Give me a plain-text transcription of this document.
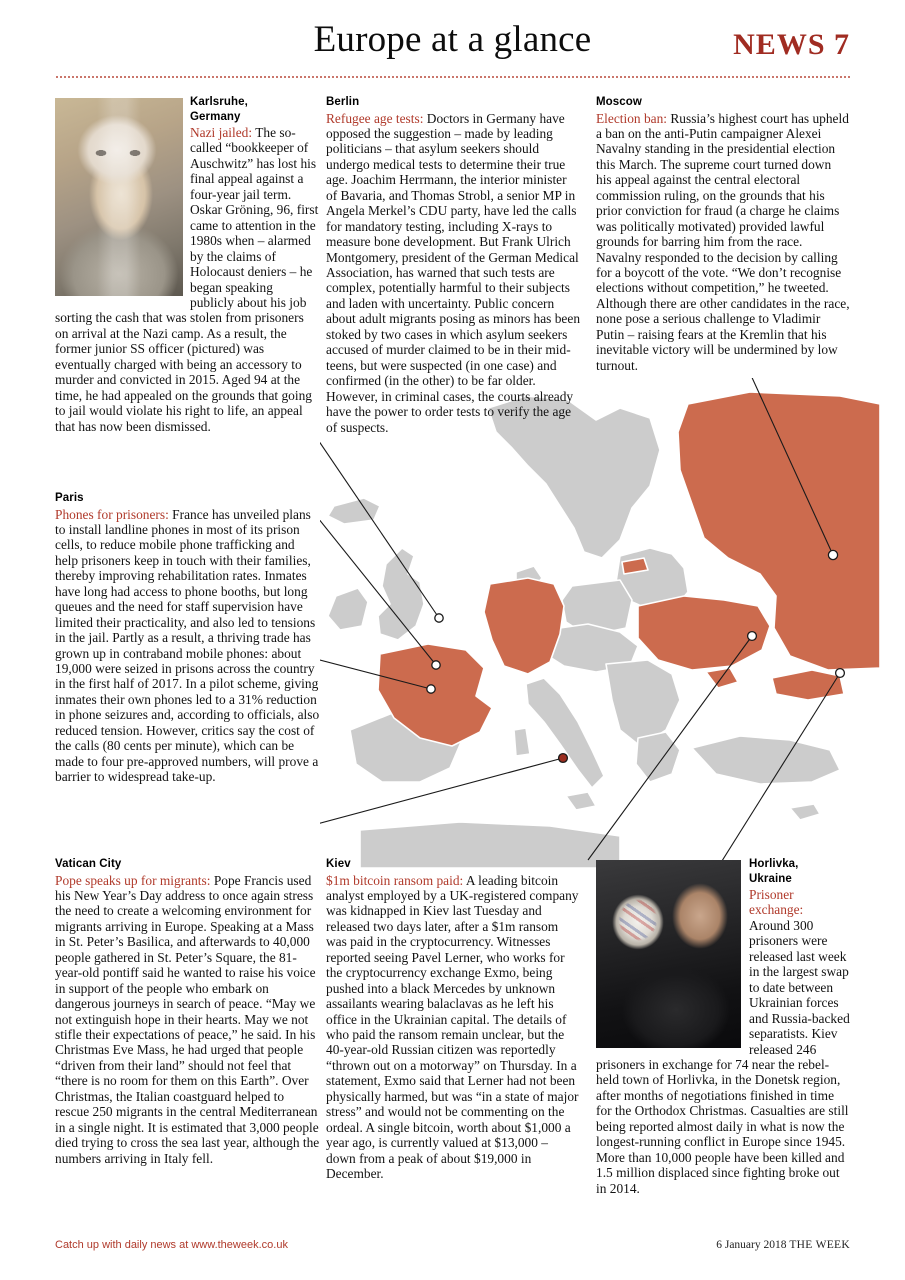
Europe at a glance	NEWS 7
Karlsruhe,
Germany
Nazi jailed: The so-called “bookkeeper of Auschwitz” has lost his final appeal against a four-year jail term. Oskar Gröning, 96, first came to attention in the 1980s when – alarmed by the claims of Holocaust deniers – he began speaking publicly about his job sorting the cash that was stolen from prisoners on arrival at the Nazi camp. As a result, the former junior SS officer (pictured) was eventually charged with being an accessory to murder and convicted in 2015. Aged 94 at the time, he had appealed on the grounds that going to jail would violate his right to life, an appeal that has now been dismissed.
Berlin
Refugee age tests: Doctors in Germany have opposed the suggestion – made by leading politicians – that asylum seekers should undergo medical tests to determine their true age. Joachim Herrmann, the interior minister of Bavaria, and Thomas Strobl, a senior MP in Angela Merkel’s CDU party, have led the calls for mandatory testing, including X-rays to measure bone development. But Frank Ulrich Montgomery, president of the German Medical Association, has warned that such tests are complex, potentially harmful to their subjects and laden with uncertainty. Public concern about adult migrants posing as minors has been stoked by two cases in which asylum seekers accused of murder claimed to be in their mid-teens, but were suspected (in one case) and confirmed (in the other) to be far older. However, in criminal cases, the courts already have the power to order tests to verify the age of suspects.
Moscow
Election ban: Russia’s highest court has upheld a ban on the anti-Putin campaigner Alexei Navalny standing in the presidential election this March. The supreme court turned down his appeal against the central electoral commission ruling, on the grounds that his prior conviction for fraud (a charge he claims was politically motivated) provided lawful grounds for barring him from the race. Navalny responded to the decision by calling for a boycott of the vote. “We don’t recognise elections without competition,” he tweeted. Although there are other candidates in the race, none pose a serious challenge to Vladimir Putin – raising fears at the Kremlin that his inevitable victory will be undermined by low turnout.
Paris
Phones for prisoners: France has unveiled plans to install landline phones in most of its prison cells, to reduce mobile phone trafficking and help prisoners keep in touch with their families, thereby improving rehabilitation rates. Inmates have long had access to phone booths, but long queues and the need for staff supervision have limited their practicality, and also led to tensions in the jail. Partly as a result, a thriving trade has grown up in contraband mobile phones: about 19,000 were seized in prisons across the country in the first half of 2017. In a pilot scheme, giving inmates their own phones led to a 31% reduction in phone seizures and, according to officials, also reduced tension. However, critics say the cost of the calls (80 cents per minute), which can be made to four pre-approved numbers, will prove a barrier to widespread take-up.
Vatican City
Pope speaks up for migrants: Pope Francis used his New Year’s Day address to once again stress the need to create a welcoming environment for migrants arriving in Europe. Speaking at a Mass in St. Peter’s Basilica, and afterwards to 40,000 people gathered in St. Peter’s Square, the 81-year-old pontiff said he wanted to raise his voice in support of the people who embark on dangerous journeys in search of peace. “May we not extinguish hope in their hearts. May we not stifle their expectations of peace,” he said. In his Christmas Eve Mass, he had urged that people “driven from their land” should not feel that “there is no room for them on this Earth”. Over Christmas, the Italian coastguard helped to rescue 250 migrants in the central Mediterranean in a single night. It is estimated that 3,000 people died trying to cross the sea last year, although the numbers arriving in Italy fell.
Kiev
$1m bitcoin ransom paid: A leading bitcoin analyst employed by a UK-registered company was kidnapped in Kiev last Tuesday and released two days later, after a $1m ransom was paid in the cryptocurrency. Witnesses reported seeing Pavel Lerner, who works for the cryptocurrency exchange Exmo, being pushed into a black Mercedes by unknown assailants wearing balaclavas as he left his office in the Ukrainian capital. The details of who paid the ransom remain unclear, but the 40-year-old Russian citizen was reportedly “thrown out on a motorway” on Thursday. In a statement, Exmo said that Lerner had not been physically harmed, but was “in a state of major stress” and would not be commenting on the ordeal. A single bitcoin, worth about $1,000 a year ago, is currently valued at $13,000 – down from a peak of about $19,000 in December.
Horlivka,
Ukraine
Prisoner
exchange:
Around 300 prisoners were released last week in the largest swap to date between Ukrainian forces and Russia-backed separatists. Kiev released 246 prisoners in exchange for 74 near the rebel-held town of Horlivka, in the Donetsk region, after months of negotiations finished in time for the Orthodox Christmas. Casualties are still being reported almost daily in what is now the longest-running conflict in Europe since 1945. More than 10,000 people have been killed and 1.5 million displaced since fighting broke out in 2014.
Catch up with daily news at www.theweek.co.uk	6 January 2018 THE WEEK
